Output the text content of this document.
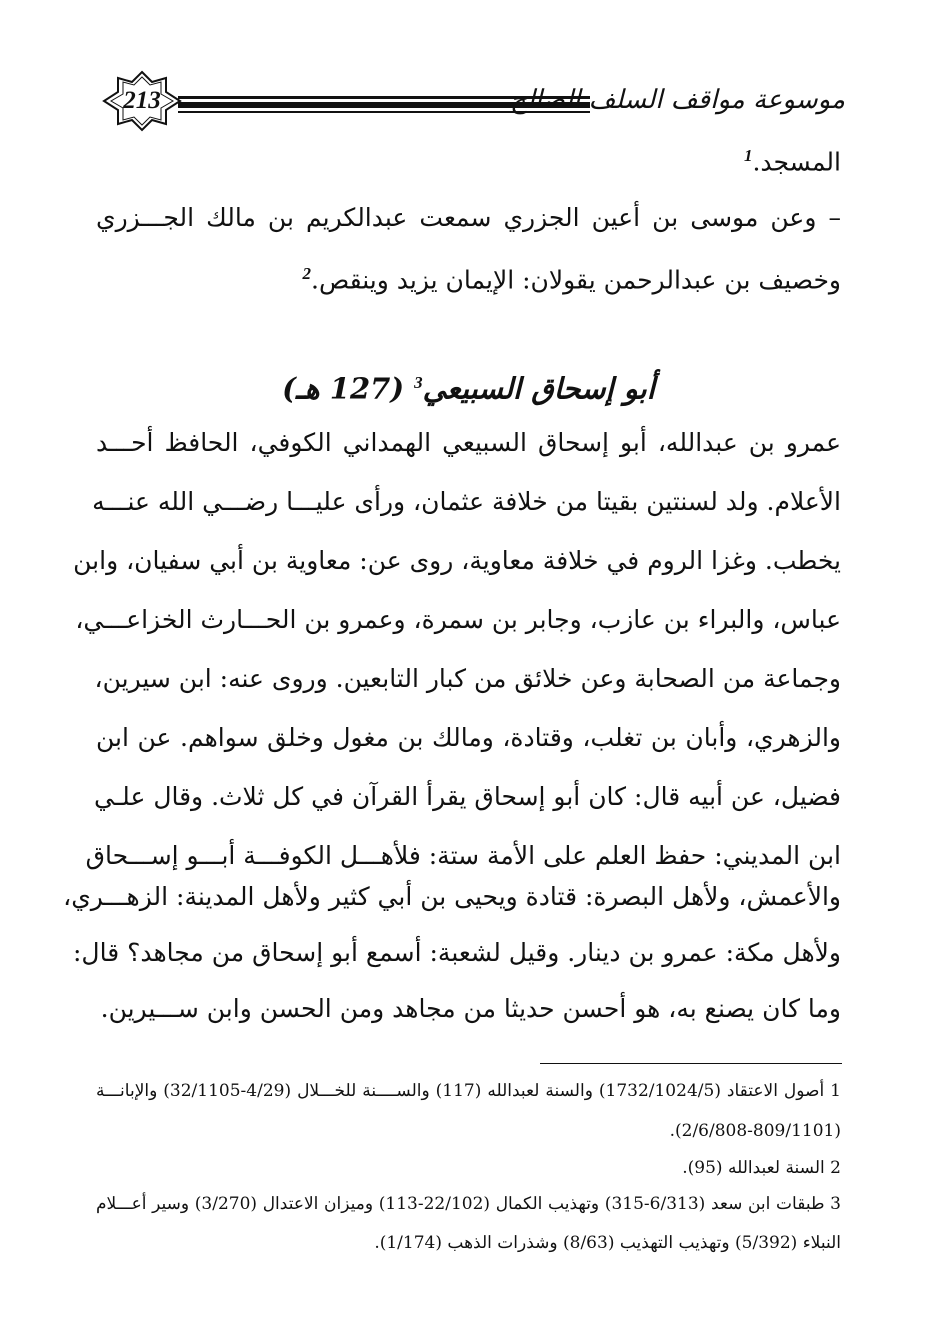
213	موسوعة مواقف السلف الصالح
المسجد.$^1$
– وعن موسى بن أعين الجزري سمعت عبدالكريم بن مالك الجـــزري
وخصيف بن عبدالرحمن يقولان: الإيمان يزيد وينقص.$^2$
أبو إسحاق السبيعي$^3$ (127 هـ)
عمرو بن عبدالله، أبو إسحاق السبيعي الهمداني الكوفي، الحافظ أحـــد
الأعلام. ولد لسنتين بقيتا من خلافة عثمان، ورأى عليـــا رضـــي الله عنـــه
يخطب. وغزا الروم في خلافة معاوية، روى عن: معاوية بن أبي سفيان، وابن
عباس، والبراء بن عازب، وجابر بن سمرة، وعمرو بن الحـــارث الخزاعـــي،
وجماعة من الصحابة وعن خلائق من كبار التابعين. وروى عنه: ابن سيرين،
والزهري، وأبان بن تغلب، وقتادة، ومالك بن مغول وخلق سواهم. عن ابن
فضيل، عن أبيه قال: كان أبو إسحاق يقرأ القرآن في كل ثلاث. وقال علـي
ابن المديني: حفظ العلم على الأمة ستة: فلأهـــل الكوفـــة أبـــو إســـحاق
والأعمش، ولأهل البصرة: قتادة ويحيى بن أبي كثير ولأهل المدينة: الزهـــري،
ولأهل مكة: عمرو بن دينار. وقيل لشعبة: أسمع أبو إسحاق من مجاهد؟ قال:
وما كان يصنع به، هو أحسن حديثا من مجاهد ومن الحسن وابن ســـيرين.
1 أصول الاعتقاد (1732/1024/5) والسنة لعبدالله (117) والســــنة للخـــلال (4/29-32/1105) والإبانـــة
(2/6/808-809/1101).
2 السنة لعبدالله (95).
3 طبقات ابن سعد (6/313-315) وتهذيب الكمال (22/102-113) وميزان الاعتدال (3/270) وسير أعـــلام
النبلاء (5/392) وتهذيب التهذيب (8/63) وشذرات الذهب (1/174).
